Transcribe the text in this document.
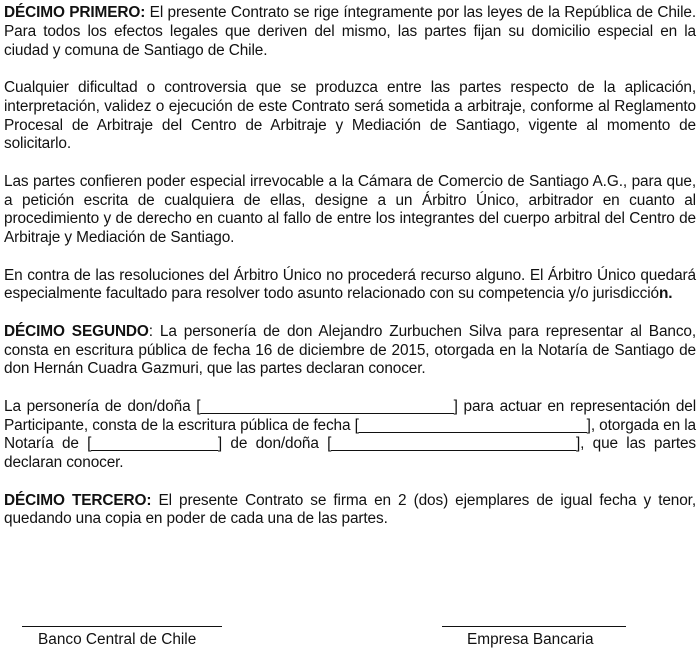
DÉCIMO PRIMERO: El presente Contrato se rige íntegramente por las leyes de la República de Chile. Para todos los efectos legales que deriven del mismo, las partes fijan su domicilio especial en la ciudad y comuna de Santiago de Chile.

Cualquier dificultad o controversia que se produzca entre las partes respecto de la aplicación, interpretación, validez o ejecución de este Contrato será sometida a arbitraje, conforme al Reglamento Procesal de Arbitraje del Centro de Arbitraje y Mediación de Santiago, vigente al momento de solicitarlo.

Las partes confieren poder especial irrevocable a la Cámara de Comercio de Santiago A.G., para que, a petición escrita de cualquiera de ellas, designe a un Árbitro Único, arbitrador en cuanto al procedimiento y de derecho en cuanto al fallo de entre los integrantes del cuerpo arbitral del Centro de Arbitraje y Mediación de Santiago.

En contra de las resoluciones del Árbitro Único no procederá recurso alguno. El Árbitro Único quedará especialmente facultado para resolver todo asunto relacionado con su competencia y/o jurisdicción.

DÉCIMO SEGUNDO: La personería de don Alejandro Zurbuchen Silva para representar al Banco, consta en escritura pública de fecha 16 de diciembre de 2015, otorgada en la Notaría de Santiago de don Hernán Cuadra Gazmuri, que las partes declaran conocer.

La personería de don/doña [______________________________] para actuar en representación del Participante, consta de la escritura pública de fecha [___________________________], otorgada en la Notaría de [_______________] de don/doña [_____________________________], que las partes declaran conocer.

DÉCIMO TERCERO: El presente Contrato se firma en 2 (dos) ejemplares de igual fecha y tenor, quedando una copia en poder de cada una de las partes.

Banco Central de Chile	Empresa Bancaria
